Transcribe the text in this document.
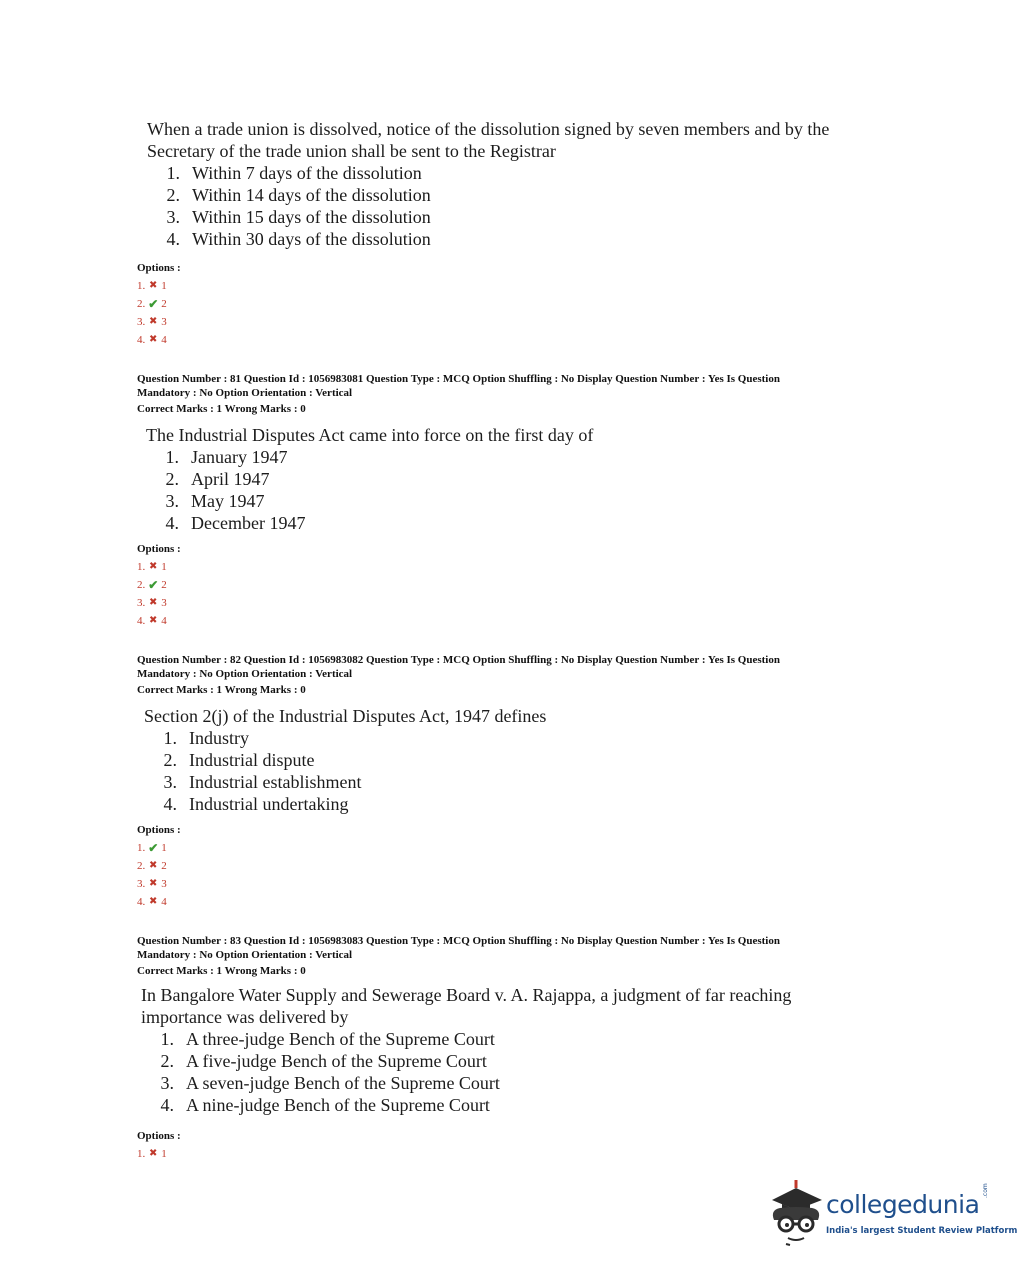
When a trade union is dissolved, notice of the dissolution signed by seven members and by the Secretary of the trade union shall be sent to the Registrar
1. Within 7 days of the dissolution
2. Within 14 days of the dissolution
3. Within 15 days of the dissolution
4. Within 30 days of the dissolution
Options :
1. ✖ 1
2. ✔ 2
3. ✖ 3
4. ✖ 4
Question Number : 81 Question Id : 1056983081 Question Type : MCQ Option Shuffling : No Display Question Number : Yes Is Question
Mandatory : No Option Orientation : Vertical
Correct Marks : 1 Wrong Marks : 0
The Industrial Disputes Act came into force on the first day of
1. January 1947
2. April 1947
3. May 1947
4. December 1947
Options :
1. ✖ 1
2. ✔ 2
3. ✖ 3
4. ✖ 4
Question Number : 82 Question Id : 1056983082 Question Type : MCQ Option Shuffling : No Display Question Number : Yes Is Question
Mandatory : No Option Orientation : Vertical
Correct Marks : 1 Wrong Marks : 0
Section 2(j) of the Industrial Disputes Act, 1947 defines
1. Industry
2. Industrial dispute
3. Industrial establishment
4. Industrial undertaking
Options :
1. ✔ 1
2. ✖ 2
3. ✖ 3
4. ✖ 4
Question Number : 83 Question Id : 1056983083 Question Type : MCQ Option Shuffling : No Display Question Number : Yes Is Question
Mandatory : No Option Orientation : Vertical
Correct Marks : 1 Wrong Marks : 0
In Bangalore Water Supply and Sewerage Board v. A. Rajappa, a judgment of far reaching importance was delivered by
1. A three-judge Bench of the Supreme Court
2. A five-judge Bench of the Supreme Court
3. A seven-judge Bench of the Supreme Court
4. A nine-judge Bench of the Supreme Court
Options :
1. ✖ 1
collegedunia .com
India's largest Student Review Platform
